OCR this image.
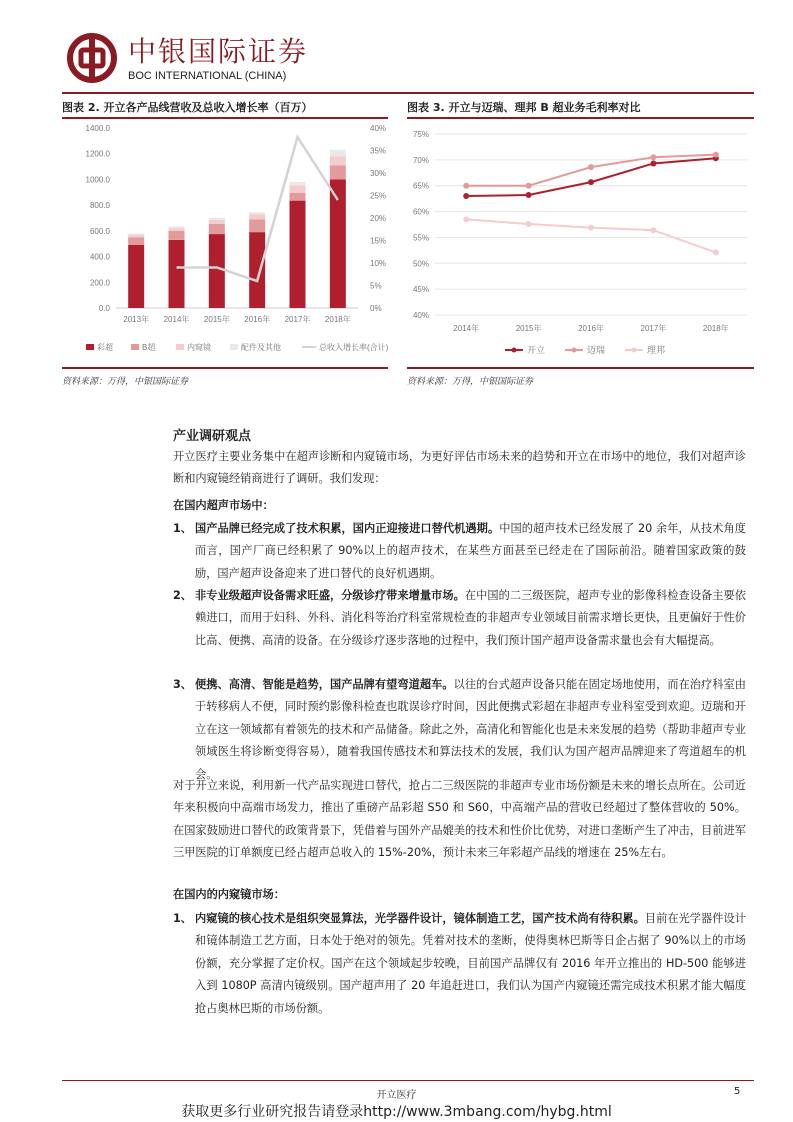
中银国际证券
BOC INTERNATIONAL (CHINA)
图表 2. 开立各产品线营收及总收入增长率（百万）	图表 3. 开立与迈瑞、理邦 B 超业务毛利率对比
0.0
200.0
400.0
600.0
800.0
1000.0
1200.0
1400.0
0%
5%
10%
15%
20%
25%
30%
35%
40%
2013年 2014年 2015年 2016年 2017年 2018年
彩超	B超	内窥镜	配件及其他	总收入增长率(合计)
40%
45%
50%
55%
60%
65%
70%
75%
2014年	2015年	2016年	2017年	2018年
开立	迈瑞	理邦
资料来源：万得，中银国际证券	资料来源：万得，中银国际证券
产业调研观点
开立医疗主要业务集中在超声诊断和内窥镜市场，为更好评估市场未来的趋势和开立在市场中的地位，我们对超声诊断和内窥镜经销商进行了调研。我们发现：
在国内超声市场中：
1、 国产品牌已经完成了技术积累，国内正迎接进口替代机遇期。中国的超声技术已经发展了 20 余年，从技术角度而言，国产厂商已经积累了 90%以上的超声技术，在某些方面甚至已经走在了国际前沿。随着国家政策的鼓励，国产超声设备迎来了进口替代的良好机遇期。
2、 非专业级超声设备需求旺盛，分级诊疗带来增量市场。在中国的二三级医院，超声专业的影像科检查设备主要依赖进口，而用于妇科、外科、消化科等治疗科室常规检查的非超声专业领域目前需求增长更快，且更偏好于性价比高、便携、高清的设备。在分级诊疗逐步落地的过程中，我们预计国产超声设备需求量也会有大幅提高。
3、 便携、高清、智能是趋势，国产品牌有望弯道超车。以往的台式超声设备只能在固定场地使用，而在治疗科室由于转移病人不便，同时预约影像科检查也耽误诊疗时间，因此便携式彩超在非超声专业科室受到欢迎。迈瑞和开立在这一领域都有着领先的技术和产品储备。除此之外，高清化和智能化也是未来发展的趋势（帮助非超声专业领域医生将诊断变得容易），随着我国传感技术和算法技术的发展，我们认为国产超声品牌迎来了弯道超车的机会。
对于开立来说，利用新一代产品实现进口替代，抢占二三级医院的非超声专业市场份额是未来的增长点所在。公司近年来积极向中高端市场发力，推出了重磅产品彩超 S50 和 S60，中高端产品的营收已经超过了整体营收的 50%。在国家鼓励进口替代的政策背景下，凭借着与国外产品媲美的技术和性价比优势，对进口垄断产生了冲击，目前进军三甲医院的订单额度已经占超声总收入的 15%-20%，预计未来三年彩超产品线的增速在 25%左右。
在国内的内窥镜市场：
1、 内窥镜的核心技术是组织突显算法，光学器件设计，镜体制造工艺，国产技术尚有待积累。目前在光学器件设计和镜体制造工艺方面，日本处于绝对的领先。凭着对技术的垄断，使得奥林巴斯等日企占据了 90%以上的市场份额，充分掌握了定价权。国产在这个领域起步较晚，目前国产品牌仅有 2016 年开立推出的 HD-500 能够进入到 1080P 高清内镜级别。国产超声用了 20 年追赶进口，我们认为国产内窥镜还需完成技术积累才能大幅度抢占奥林巴斯的市场份额。
开立医疗	5
获取更多行业研究报告请登录http://www.3mbang.com/hybg.html
